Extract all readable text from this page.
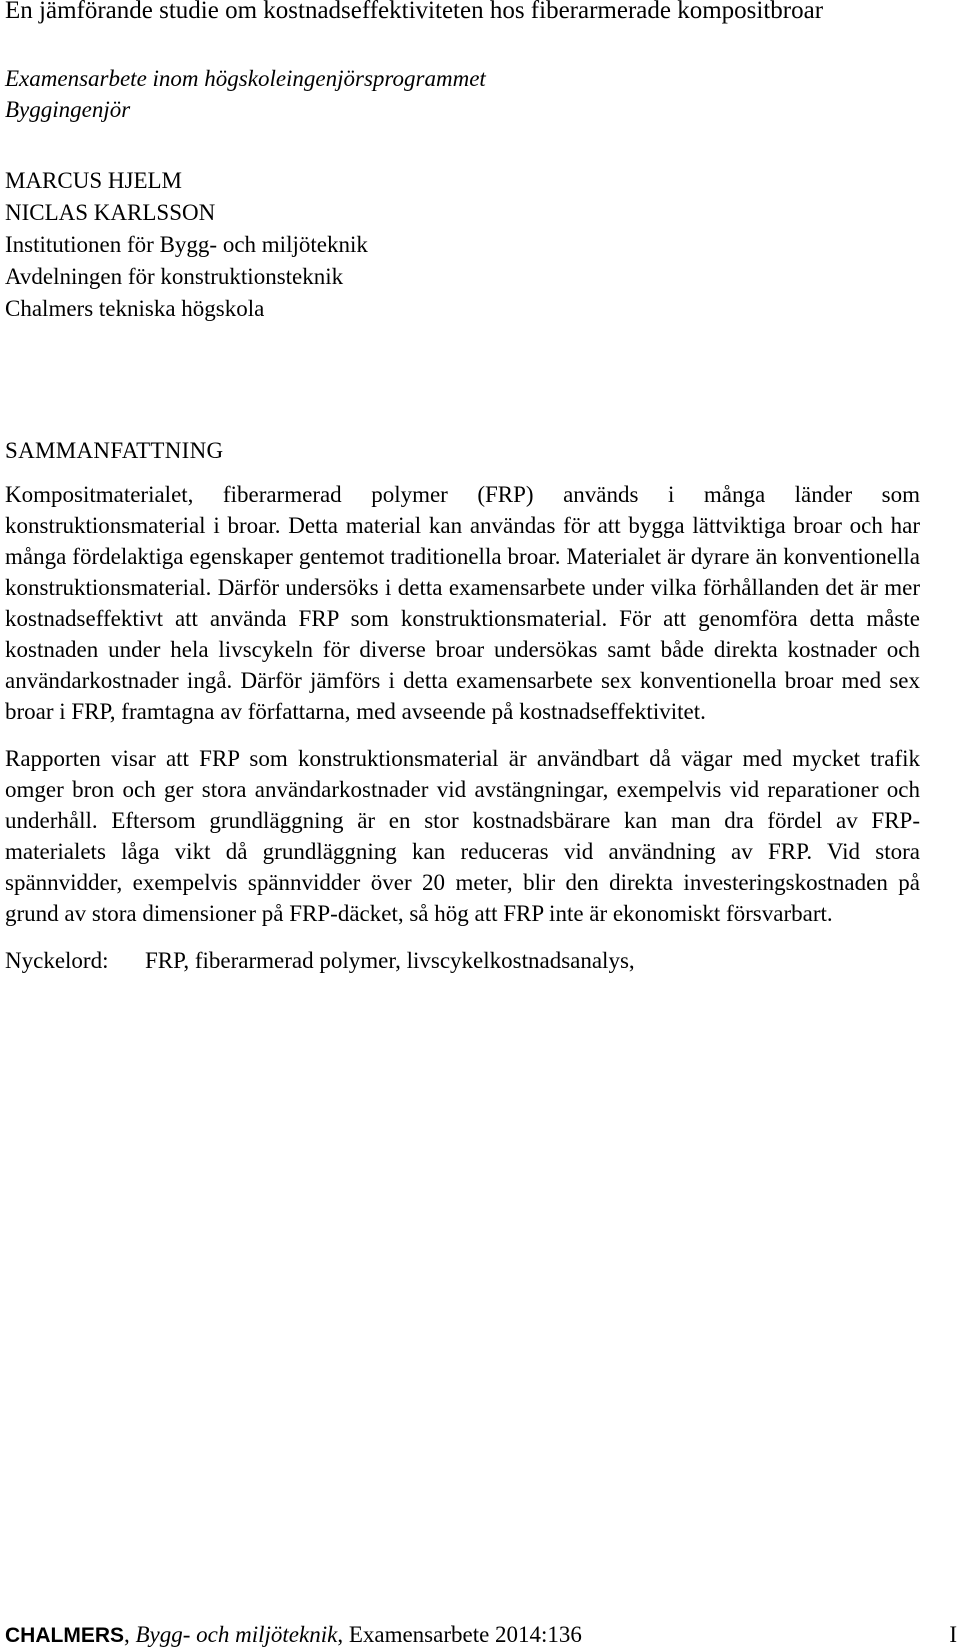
En jämförande studie om kostnadseffektiviteten hos fiberarmerade kompositbroar
Examensarbete inom högskoleingenjörsprogrammet
Byggingenjör
MARCUS HJELM
NICLAS KARLSSON
Institutionen för Bygg- och miljöteknik
Avdelningen för konstruktionsteknik
Chalmers tekniska högskola
SAMMANFATTNING

Kompositmaterialet, fiberarmerad polymer (FRP) används i många länder som konstruktionsmaterial i broar. Detta material kan användas för att bygga lättviktiga broar och har många fördelaktiga egenskaper gentemot traditionella broar. Materialet är dyrare än konventionella konstruktionsmaterial. Därför undersöks i detta examensarbete under vilka förhållanden det är mer kostnadseffektivt att använda FRP som konstruktionsmaterial. För att genomföra detta måste kostnaden under hela livscykeln för diverse broar undersökas samt både direkta kostnader och användarkostnader ingå. Därför jämförs i detta examensarbete sex konventionella broar med sex broar i FRP, framtagna av författarna, med avseende på kostnadseffektivitet.

Rapporten visar att FRP som konstruktionsmaterial är användbart då vägar med mycket trafik omger bron och ger stora användarkostnader vid avstängningar, exempelvis vid reparationer och underhåll. Eftersom grundläggning är en stor kostnadsbärare kan man dra fördel av FRP-materialets låga vikt då grundläggning kan reduceras vid användning av FRP. Vid stora spännvidder, exempelvis spännvidder över 20 meter, blir den direkta investeringskostnaden på grund av stora dimensioner på FRP-däcket, så hög att FRP inte är ekonomiskt försvarbart.

Nyckelord: FRP, fiberarmerad polymer, livscykelkostnadsanalys,
CHALMERS, Bygg- och miljöteknik, Examensarbete 2014:136	I
